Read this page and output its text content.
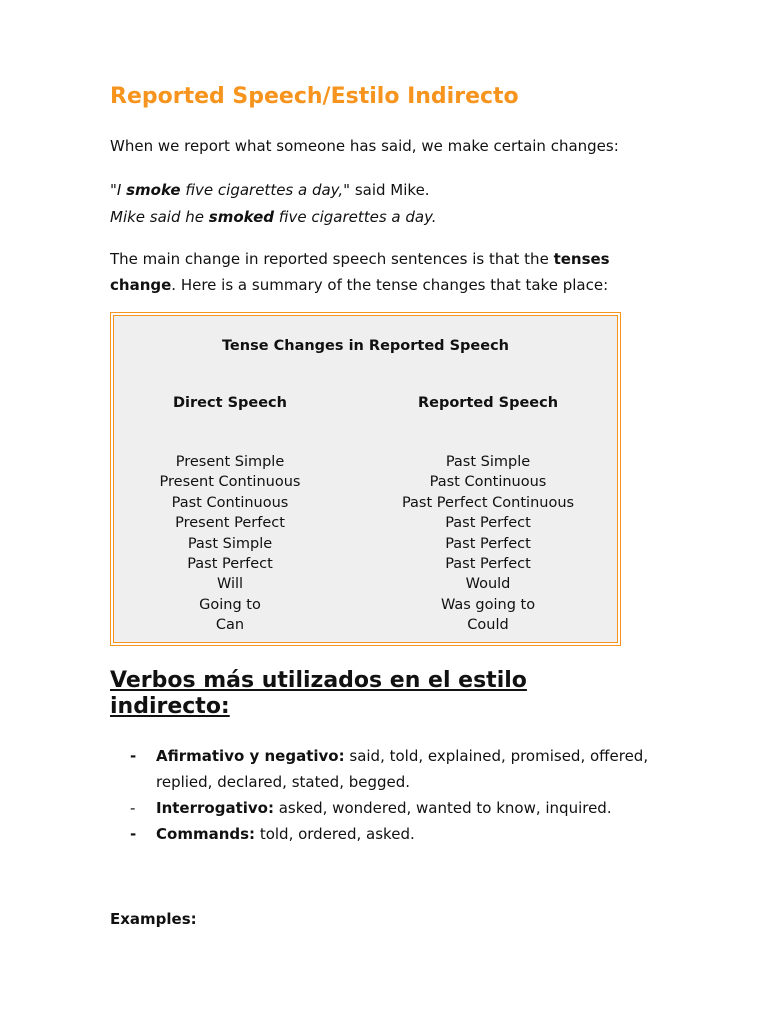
Reported Speech/Estilo Indirecto

When we report what someone has said, we make certain changes:

"I smoke five cigarettes a day," said Mike.

Mike said he smoked five cigarettes a day.

The main change in reported speech sentences is that the tenses
change. Here is a summary of the tense changes that take place:

Tense Changes in Reported Speech
Direct Speech	Reported Speech
Present Simple
Present Continuous
Past Continuous
Present Perfect
Past Simple
Past Perfect
Will
Going to
Can
Past Simple
Past Continuous
Past Perfect Continuous
Past Perfect
Past Perfect
Past Perfect
Would
Was going to
Could
Verbos más utilizados en el estilo indirecto:
- Afirmativo y negativo: said, told, explained, promised, offered, replied, declared, stated, begged.
- Interrogativo: asked, wondered, wanted to know, inquired.
- Commands: told, ordered, asked.

Examples:
